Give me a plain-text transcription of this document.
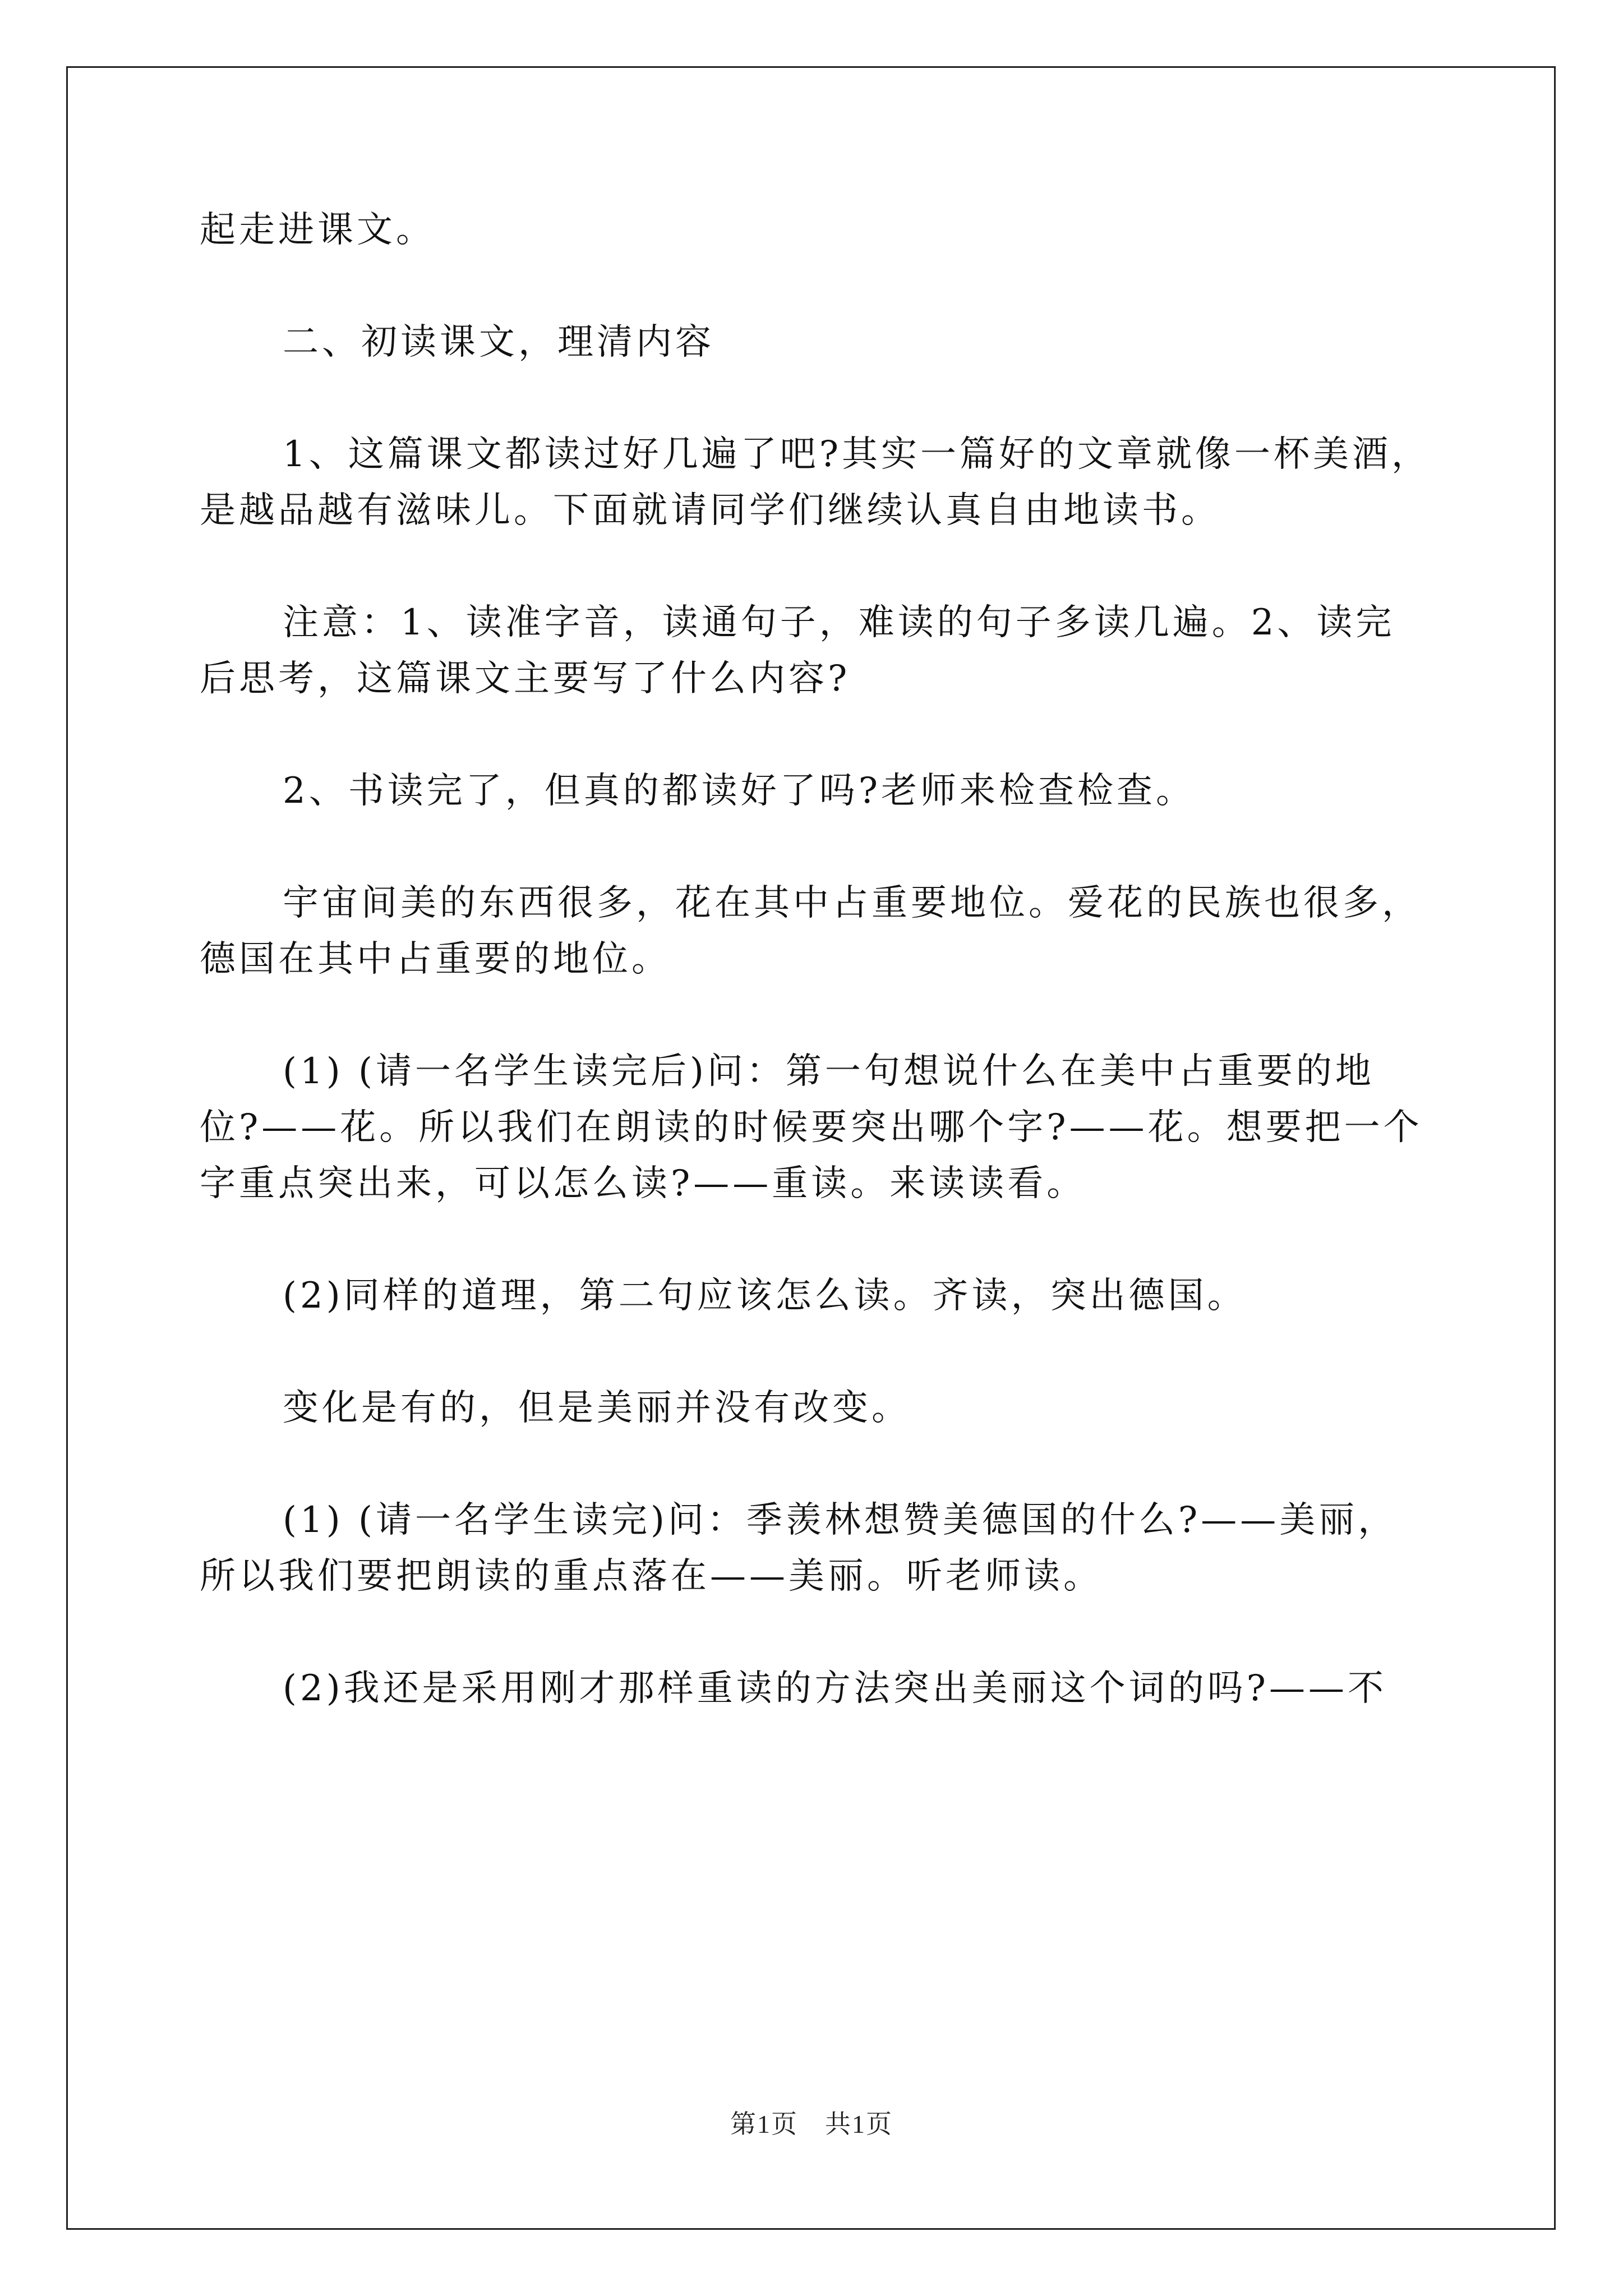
起走进课文。

二、初读课文，理清内容

1、这篇课文都读过好几遍了吧?其实一篇好的文章就像一杯美酒，是越品越有滋味儿。下面就请同学们继续认真自由地读书。

注意：1、读准字音，读通句子，难读的句子多读几遍。2、读完后思考，这篇课文主要写了什么内容?

2、书读完了，但真的都读好了吗?老师来检查检查。

宇宙间美的东西很多，花在其中占重要地位。爱花的民族也很多，德国在其中占重要的地位。

(1) (请一名学生读完后)问：第一句想说什么在美中占重要的地位?——花。所以我们在朗读的时候要突出哪个字?——花。想要把一个字重点突出来，可以怎么读?——重读。来读读看。

(2)同样的道理，第二句应该怎么读。齐读，突出德国。

变化是有的，但是美丽并没有改变。

(1) (请一名学生读完)问：季羡林想赞美德国的什么?——美丽，所以我们要把朗读的重点落在——美丽。听老师读。

(2)我还是采用刚才那样重读的方法突出美丽这个词的吗?——不

第1页　共1页
